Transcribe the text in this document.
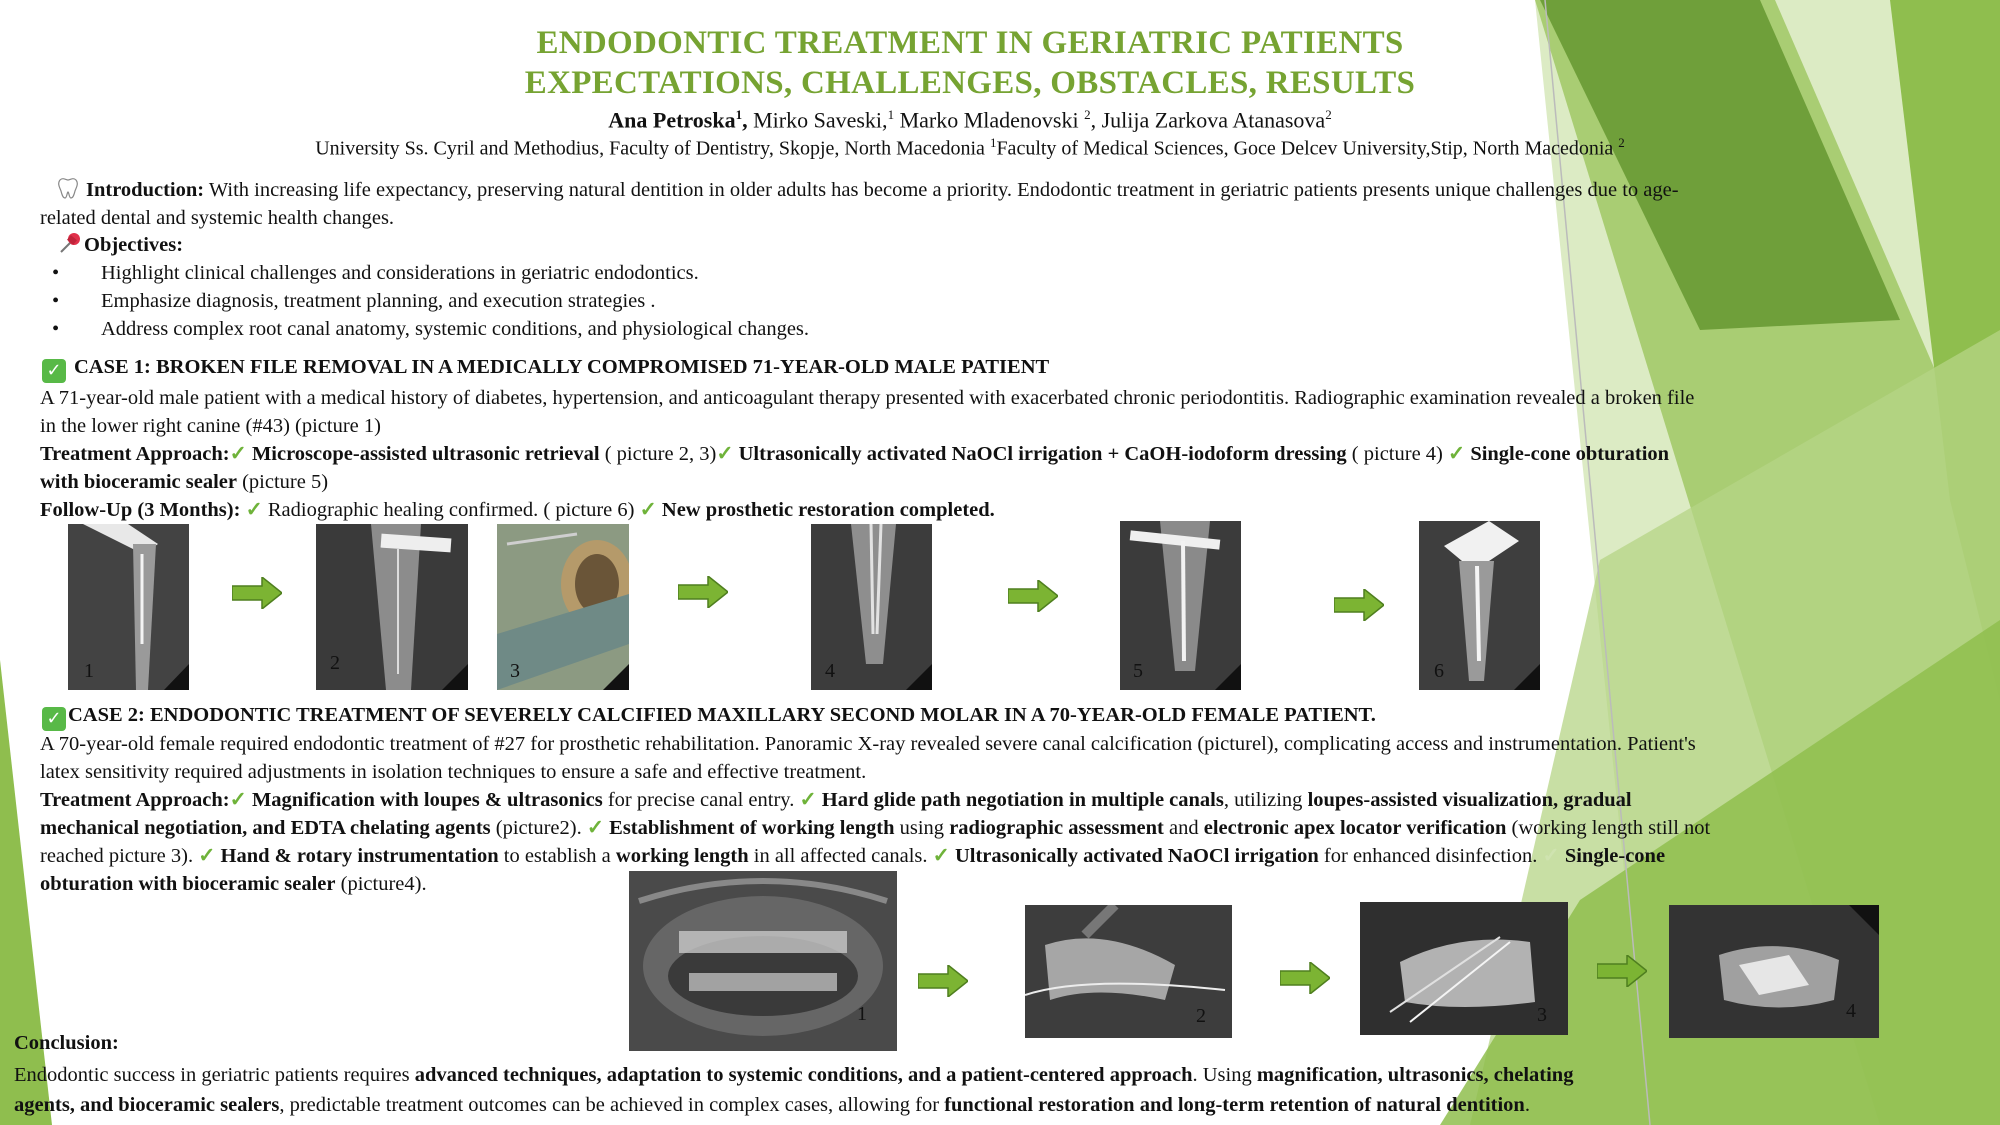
ENDODONTIC TREATMENT IN GERIATRIC PATIENTS
EXPECTATIONS, CHALLENGES, OBSTACLES, RESULTS
Ana Petroska$^1$, Mirko Saveski,$^1$ Marko Mladenovski $^2$, Julija Zarkova Atanasova$^2$
University Ss. Cyril and Methodius, Faculty of Dentistry, Skopje, North Macedonia $^1$Faculty of Medical Sciences, Goce Delcev University,Stip, North Macedonia $^2$
Introduction: With increasing life expectancy, preserving natural dentition in older adults has become a priority. Endodontic treatment in geriatric patients presents unique challenges due to age-
related dental and systemic health changes.
Objectives:
• Highlight clinical challenges and considerations in geriatric endodontics.
• Emphasize diagnosis, treatment planning, and execution strategies .
• Address complex root canal anatomy, systemic conditions, and physiological changes.
✓ CASE 1: BROKEN FILE REMOVAL IN A MEDICALLY COMPROMISED 71-YEAR-OLD MALE PATIENT
A 71-year-old male patient with a medical history of diabetes, hypertension, and anticoagulant therapy presented with exacerbated chronic periodontitis. Radiographic examination revealed a broken file
in the lower right canine (#43) (picture 1)
Treatment Approach:✓ Microscope-assisted ultrasonic retrieval ( picture 2, 3)✓ Ultrasonically activated NaOCl irrigation + CaOH-iodoform dressing ( picture 4) ✓ Single-cone obturation
with bioceramic sealer (picture 5)
Follow-Up (3 Months): ✓ Radiographic healing confirmed. ( picture 6) ✓ New prosthetic restoration completed.
1	2	3	4	5	6
✓ CASE 2: ENDODONTIC TREATMENT OF SEVERELY CALCIFIED MAXILLARY SECOND MOLAR IN A 70-YEAR-OLD FEMALE PATIENT.
A 70-year-old female required endodontic treatment of #27 for prosthetic rehabilitation. Panoramic X-ray revealed severe canal calcification (picturel), complicating access and instrumentation. Patient's
latex sensitivity required adjustments in isolation techniques to ensure a safe and effective treatment.
Treatment Approach:✓ Magnification with loupes & ultrasonics for precise canal entry. ✓ Hard glide path negotiation in multiple canals, utilizing loupes-assisted visualization, gradual
mechanical negotiation, and EDTA chelating agents (picture2). ✓ Establishment of working length using radiographic assessment and electronic apex locator verification (working length still not
reached picture 3). ✓ Hand & rotary instrumentation to establish a working length in all affected canals. ✓ Ultrasonically activated NaOCl irrigation for enhanced disinfection. ✓ Single-cone
obturation with bioceramic sealer (picture4).
1	2	3	4
Conclusion:
Endodontic success in geriatric patients requires advanced techniques, adaptation to systemic conditions, and a patient-centered approach. Using magnification, ultrasonics, chelating
agents, and bioceramic sealers, predictable treatment outcomes can be achieved in complex cases, allowing for functional restoration and long-term retention of natural dentition.
